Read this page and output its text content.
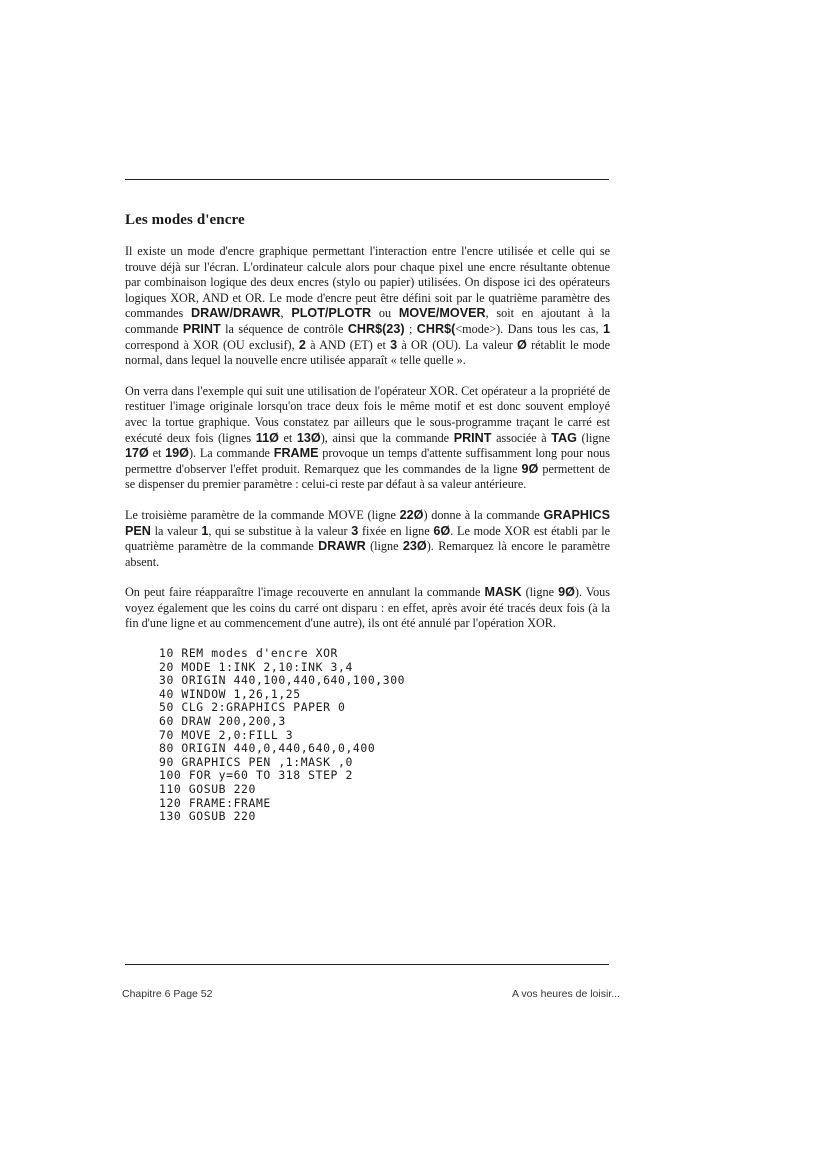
Les modes d'encre

Il existe un mode d'encre graphique permettant l'interaction entre l'encre utilisée et celle qui se trouve déjà sur l'écran. L'ordinateur calcule alors pour chaque pixel une encre résultante obtenue par combinaison logique des deux encres (stylo ou papier) utilisées. On dispose ici des opérateurs logiques XOR, AND et OR. Le mode d'encre peut être défini soit par le quatrième paramètre des commandes DRAW/DRAWR, PLOT/PLOTR ou MOVE/MOVER, soit en ajoutant à la commande PRINT la séquence de contrôle CHR$(23) ; CHR$(<mode>). Dans tous les cas, 1 correspond à XOR (OU exclusif), 2 à AND (ET) et 3 à OR (OU). La valeur Ø rétablit le mode normal, dans lequel la nouvelle encre utilisée apparaît « telle quelle ».

On verra dans l'exemple qui suit une utilisation de l'opérateur XOR. Cet opérateur a la propriété de restituer l'image originale lorsqu'on trace deux fois le même motif et est donc souvent employé avec la tortue graphique. Vous constatez par ailleurs que le sous-programme traçant le carré est exécuté deux fois (lignes 11Ø et 13Ø), ainsi que la commande PRINT associée à TAG (ligne 17Ø et 19Ø). La commande FRAME provoque un temps d'attente suffisamment long pour nous permettre d'observer l'effet produit. Remarquez que les commandes de la ligne 9Ø permettent de se dispenser du premier paramètre : celui-ci reste par défaut à sa valeur antérieure.

Le troisième paramètre de la commande MOVE (ligne 22Ø) donne à la commande GRAPHICS PEN la valeur 1, qui se substitue à la valeur 3 fixée en ligne 6Ø. Le mode XOR est établi par le quatrième paramètre de la commande DRAWR (ligne 23Ø). Remarquez là encore le paramètre absent.

On peut faire réapparaître l'image recouverte en annulant la commande MASK (ligne 9Ø). Vous voyez également que les coins du carré ont disparu : en effet, après avoir été tracés deux fois (à la fin d'une ligne et au commencement d'une autre), ils ont été annulé par l'opération XOR.

10 REM modes d'encre XOR
20 MODE 1:INK 2,10:INK 3,4
30 ORIGIN 440,100,440,640,100,300
40 WINDOW 1,26,1,25
50 CLG 2:GRAPHICS PAPER 0
60 DRAW 200,200,3
70 MOVE 2,0:FILL 3
80 ORIGIN 440,0,440,640,0,400
90 GRAPHICS PEN ,1:MASK ,0
100 FOR y=60 TO 318 STEP 2
110 GOSUB 220
120 FRAME:FRAME
130 GOSUB 220
Chapitre 6 Page 52	A vos heures de loisir...
